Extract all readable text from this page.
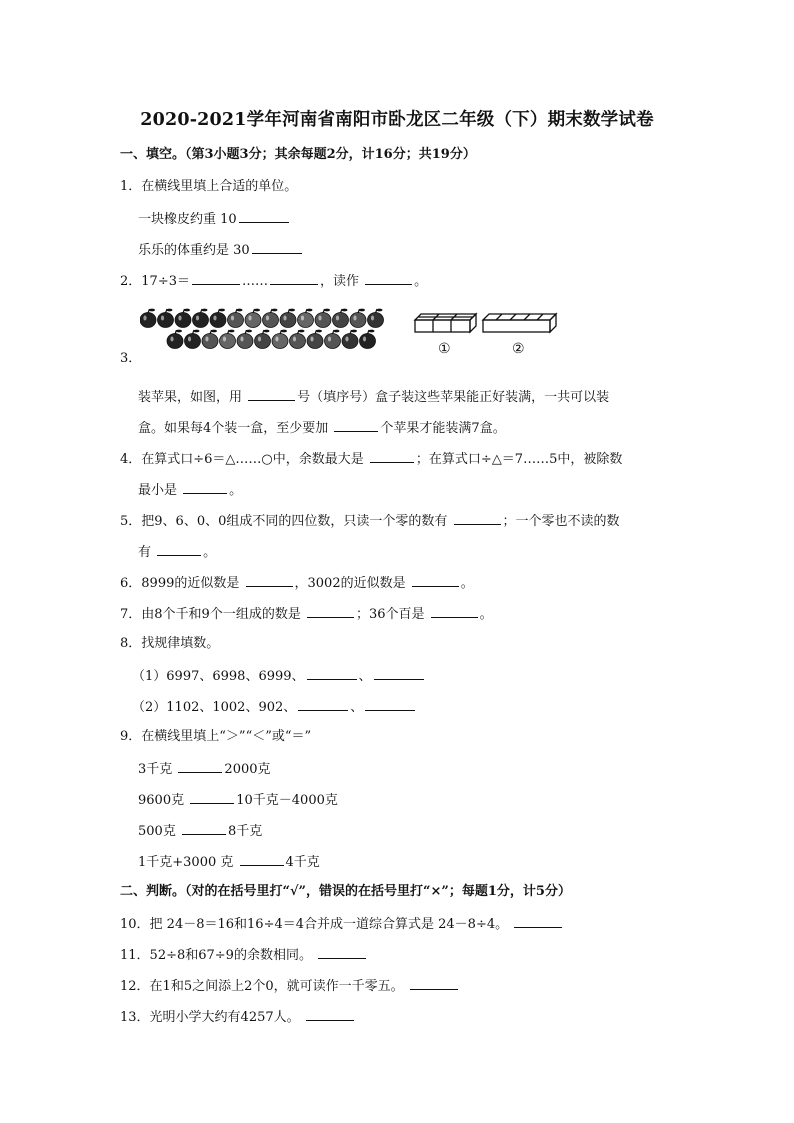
2020-2021学年河南省南阳市卧龙区二年级（下）期末数学试卷
一、填空。（第3小题3分；其余每题2分，计16分；共19分）
1．在横线里填上合适的单位。
一块橡皮约重 10
乐乐的体重约是 30
2．17÷3＝	……	，读作	。
3．
①	②
装苹果，如图，用	号（填序号）盒子装这些苹果能正好装满，一共可以装
盒。如果每4个装一盒，至少要加	个苹果才能装满7盒。
4．在算式口÷6＝△……○中，余数最大是	；在算式口÷△＝7……5中，被除数
最小是	。
5．把9、6、0、0组成不同的四位数，只读一个零的数有	；一个零也不读的数
有	。
6．8999的近似数是	，3002的近似数是	。
7．由8个千和9个一组成的数是	；36个百是	。
8．找规律填数。
（1）6997、6998、6999、	、
（2）1102、1002、902、	、
9．在横线里填上“＞”“＜”或“＝”
3千克	2000克
9600克	10千克－4000克
500克	8千克
1千克+3000 克	4千克
二、判断。（对的在括号里打“√”，错误的在括号里打“×”；每题1分，计5分）
10．把 24－8＝16和16÷4＝4合并成一道综合算式是 24－8÷4。
11．52÷8和67÷9的余数相同。
12．在1和5之间添上2个0，就可读作一千零五。
13．光明小学大约有4257人。
